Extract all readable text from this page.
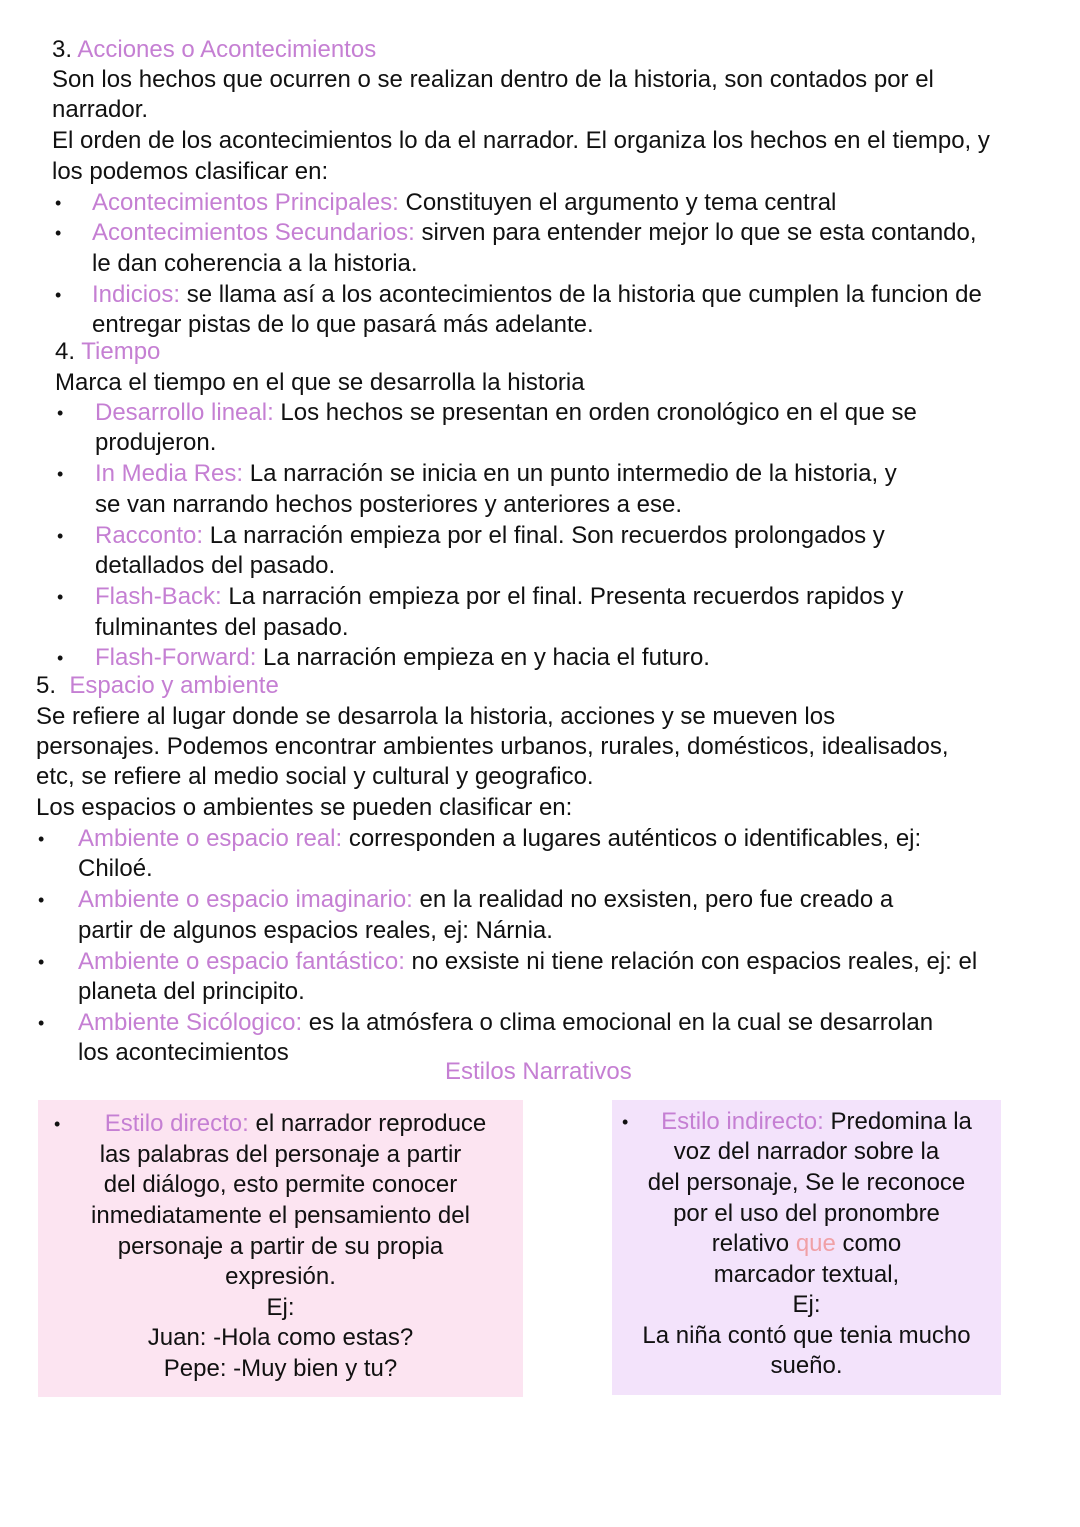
3. Acciones o Acontecimientos
Son los hechos que ocurren o se realizan dentro de la historia, son contados por el
narrador.
El orden de los acontecimientos lo da el narrador. El organiza los hechos en el tiempo, y
los podemos clasificar en:
• Acontecimientos Principales: Constituyen el argumento y tema central
• Acontecimientos Secundarios: sirven para entender mejor lo que se esta contando,
le dan coherencia a la historia.
• Indicios: se llama así a los acontecimientos de la historia que cumplen la funcion de
entregar pistas de lo que pasará más adelante.
4. Tiempo
Marca el tiempo en el que se desarrolla la historia
• Desarrollo lineal: Los hechos se presentan en orden cronológico en el que se
produjeron.
• In Media Res: La narración se inicia en un punto intermedio de la historia, y
se van narrando hechos posteriores y anteriores a ese.
• Racconto: La narración empieza por el final. Son recuerdos prolongados y
detallados del pasado.
• Flash-Back: La narración empieza por el final. Presenta recuerdos rapidos y
fulminantes del pasado.
• Flash-Forward: La narración empieza en y hacia el futuro.
5. Espacio y ambiente
Se refiere al lugar donde se desarrola la historia, acciones y se mueven los
personajes. Podemos encontrar ambientes urbanos, rurales, domésticos, idealisados,
etc, se refiere al medio social y cultural y geografico.
Los espacios o ambientes se pueden clasificar en:
• Ambiente o espacio real: corresponden a lugares auténticos o identificables, ej:
Chiloé.
• Ambiente o espacio imaginario: en la realidad no exsisten, pero fue creado a
partir de algunos espacios reales, ej: Nárnia.
• Ambiente o espacio fantástico: no exsiste ni tiene relación con espacios reales, ej: el
planeta del principito.
• Ambiente Sicólogico: es la atmósfera o clima emocional en la cual se desarrolan
los acontecimientos
Estilos Narrativos
•	Estilo directo: el narrador reproduce
las palabras del personaje a partir
del diálogo, esto permite conocer
inmediatamente el pensamiento del
personaje a partir de su propia
expresión.
Ej:
Juan: -Hola como estas?
Pepe: -Muy bien y tu?
•	Estilo indirecto: Predomina la
voz del narrador sobre la
del personaje, Se le reconoce
por el uso del pronombre
relativo que como
marcador textual,
Ej:
La niña contó que tenia mucho
sueño.
